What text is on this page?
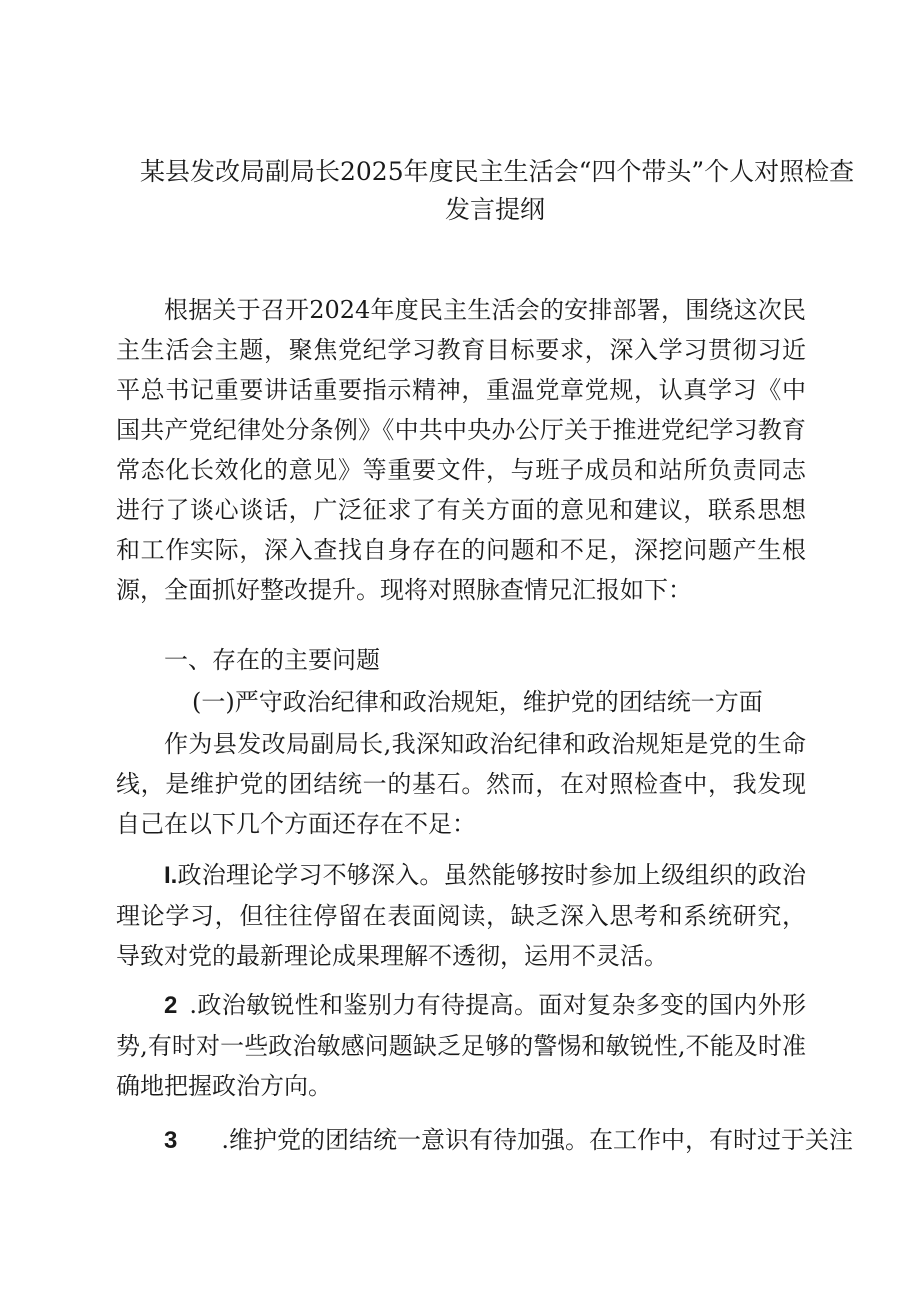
某县发改局副局长2025年度民主生活会“四个带头”个人对照检查
发言提纲

根据关于召开2024年度民主生活会的安排部署，围绕这次民主生活会主题，聚焦党纪学习教育目标要求，深入学习贯彻习近平总书记重要讲话重要指示精神，重温党章党规，认真学习《中国共产党纪律处分条例》《中共中央办公厅关于推进党纪学习教育常态化长效化的意见》等重要文件，与班子成员和站所负责同志进行了谈心谈话，广泛征求了有关方面的意见和建议，联系思想和工作实际，深入查找自身存在的问题和不足，深挖问题产生根源，全面抓好整改提升。现将对照脉查情兄汇报如下：

一、存在的主要问题

(一)严守政治纪律和政治规矩，维护党的团结统一方面

作为县发改局副局长,我深知政治纪律和政治规矩是党的生命线，是维护党的团结统一的基石。然而，在对照检查中，我发现自己在以下几个方面还存在不足：

I.政治理论学习不够深入。虽然能够按时参加上级组织的政治理论学习，但往往停留在表面阅读，缺乏深入思考和系统研究，导致对党的最新理论成果理解不透彻，运用不灵活。
2 .政治敏锐性和鉴别力有待提高。面对复杂多变的国内外形势,有时对一些政治敏感问题缺乏足够的警惕和敏锐性,不能及时准确地把握政治方向。
3 .维护党的团结统一意识有待加强。在工作中，有时过于关注
